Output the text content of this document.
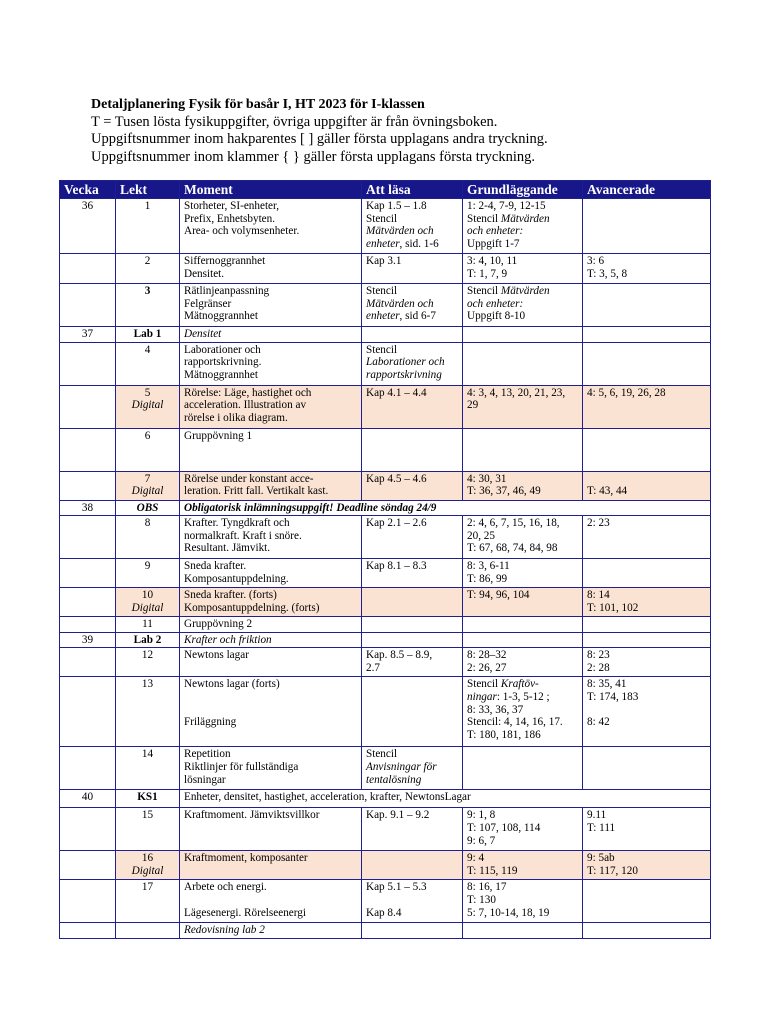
Detaljplanering Fysik för basår I, HT 2023 för I-klassen
T = Tusen lösta fysikuppgifter, övriga uppgifter är från övningsboken.
Uppgiftsnummer inom hakparentes [ ] gäller första upplagans andra tryckning.
Uppgiftsnummer inom klammer { } gäller första upplagans första tryckning.
Vecka	Lekt	Moment	Att läsa	Grundläggande	Avancerade
36	1	Storheter, SI-enheter,
Prefix, Enhetsbyten.
Area- och volymsenheter.	Kap 1.5 – 1.8
Stencil
Mätvärden och
enheter, sid. 1-6	1: 2-4, 7-9, 12-15
Stencil Mätvärden
och enheter:
Uppgift 1-7	

	2	Siffernoggrannhet
Densitet.	Kap 3.1	3: 4, 10, 11
T: 1, 7, 9	3: 6
T: 3, 5, 8

	3	Rätlinjeanpassning
Felgränser
Mätnoggrannhet	Stencil
Mätvärden och
enheter, sid 6-7	Stencil Mätvärden
och enheter:
Uppgift 8-10	

37	Lab 1	Densitet			
	4	Laborationer och
rapportskrivning.
Mätnoggrannhet	Stencil
Laborationer och
rapportskrivning		

	5
Digital	Rörelse: Läge, hastighet och
acceleration. Illustration av
rörelse i olika diagram.	Kap 4.1 – 4.4	4: 3, 4, 13, 20, 21, 23,
29	4: 5, 6, 19, 26, 28

	6	Gruppövning 1			

	7
Digital	Rörelse under konstant acce-
leration. Fritt fall. Vertikalt kast.	Kap 4.5 – 4.6	4: 30, 31
T: 36, 37, 46, 49	T: 43, 44

38	OBS	Obligatorisk inlämningsuppgift! Deadline söndag 24/9			
	8	Krafter. Tyngdkraft och
normalkraft. Kraft i snöre.
Resultant. Jämvikt.	Kap 2.1 – 2.6	2: 4, 6, 7, 15, 16, 18,
20, 25
T: 67, 68, 74, 84, 98	2: 23

	9	Sneda krafter.
Komposantuppdelning.	Kap 8.1 – 8.3	8: 3, 6-11
T: 86, 99	

	10
Digital	Sneda krafter. (forts)
Komposantuppdelning. (forts)		T: 94, 96, 104	8: 14
T: 101, 102

	11	Gruppövning 2			
39	Lab 2	Krafter och friktion			
	12	Newtons lagar	Kap. 8.5 – 8.9,
2.7	8: 28–32
2: 26, 27	8: 23
2: 28

	13	Newtons lagar (forts)

Friläggning		Stencil Kraftöv-
ningar: 1-3, 5-12 ;
8: 33, 36, 37
Stencil: 4, 14, 16, 17.
T: 180, 181, 186	8: 35, 41
T: 174, 183

8: 42

	14	Repetition
Riktlinjer för fullständiga
lösningar	Stencil
Anvisningar för
tentalösning		

40	KS1	Enheter, densitet, hastighet, acceleration, krafter, NewtonsLagar			
	15	Kraftmoment. Jämviktsvillkor	Kap. 9.1 – 9.2	9: 1, 8
T: 107, 108, 114
9: 6, 7	9.11
T: 111

	16
Digital	Kraftmoment, komposanter		9: 4
T: 115, 119	9: 5ab
T: 117, 120

	17	Arbete och energi.

Lägesenergi. Rörelseenergi	Kap 5.1 – 5.3

Kap 8.4	8: 16, 17
T: 130
5: 7, 10-14, 18, 19	

		Redovisning lab 2			
